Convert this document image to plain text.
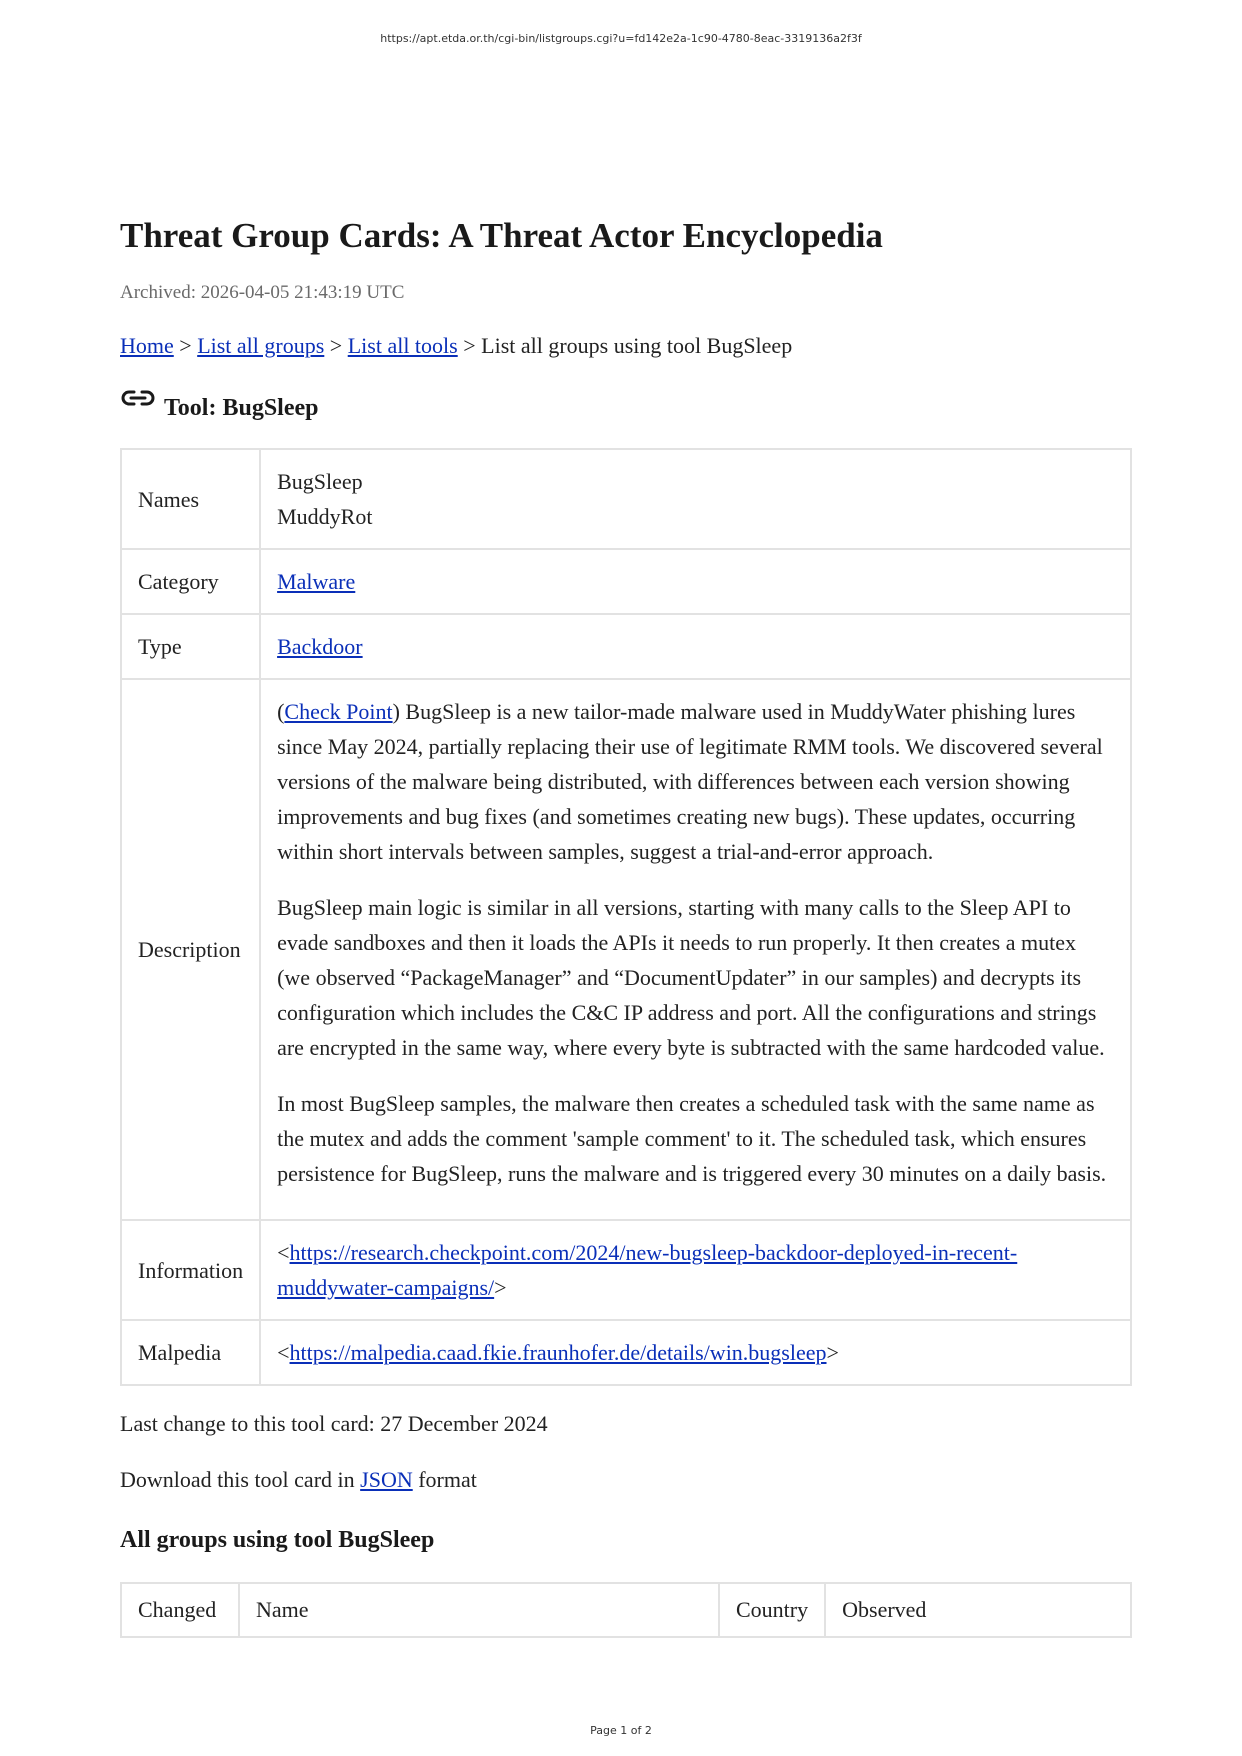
https://apt.etda.or.th/cgi-bin/listgroups.cgi?u=fd142e2a-1c90-4780-8eac-3319136a2f3f
Threat Group Cards: A Threat Actor Encyclopedia
Archived: 2026-04-05 21:43:19 UTC
Home > List all groups > List all tools > List all groups using tool BugSleep
Tool: BugSleep
Names	BugSleep
MuddyRot

Category	Malware
Type	Backdoor
Description	(Check Point) BugSleep is a new tailor-made malware used in MuddyWater phishing lures since May 2024, partially replacing their use of legitimate RMM tools. We discovered several versions of the malware being distributed, with differences between each version showing improvements and bug fixes (and sometimes creating new bugs). These updates, occurring within short intervals between samples, suggest a trial-and-error approach.

BugSleep main logic is similar in all versions, starting with many calls to the Sleep API to evade sandboxes and then it loads the APIs it needs to run properly. It then creates a mutex (we observed “PackageManager” and “DocumentUpdater” in our samples) and decrypts its configuration which includes the C&C IP address and port. All the configurations and strings are encrypted in the same way, where every byte is subtracted with the same hardcoded value.

In most BugSleep samples, the malware then creates a scheduled task with the same name as the mutex and adds the comment 'sample comment' to it. The scheduled task, which ensures persistence for BugSleep, runs the malware and is triggered every 30 minutes on a daily basis.

Information	<https://research.checkpoint.com/2024/new-bugsleep-backdoor-deployed-in-recent-muddywater-campaigns/>
Malpedia	<https://malpedia.caad.fkie.fraunhofer.de/details/win.bugsleep>
Last change to this tool card: 27 December 2024
Download this tool card in JSON format
All groups using tool BugSleep
Changed	Name	Country	Observed
Page 1 of 2
